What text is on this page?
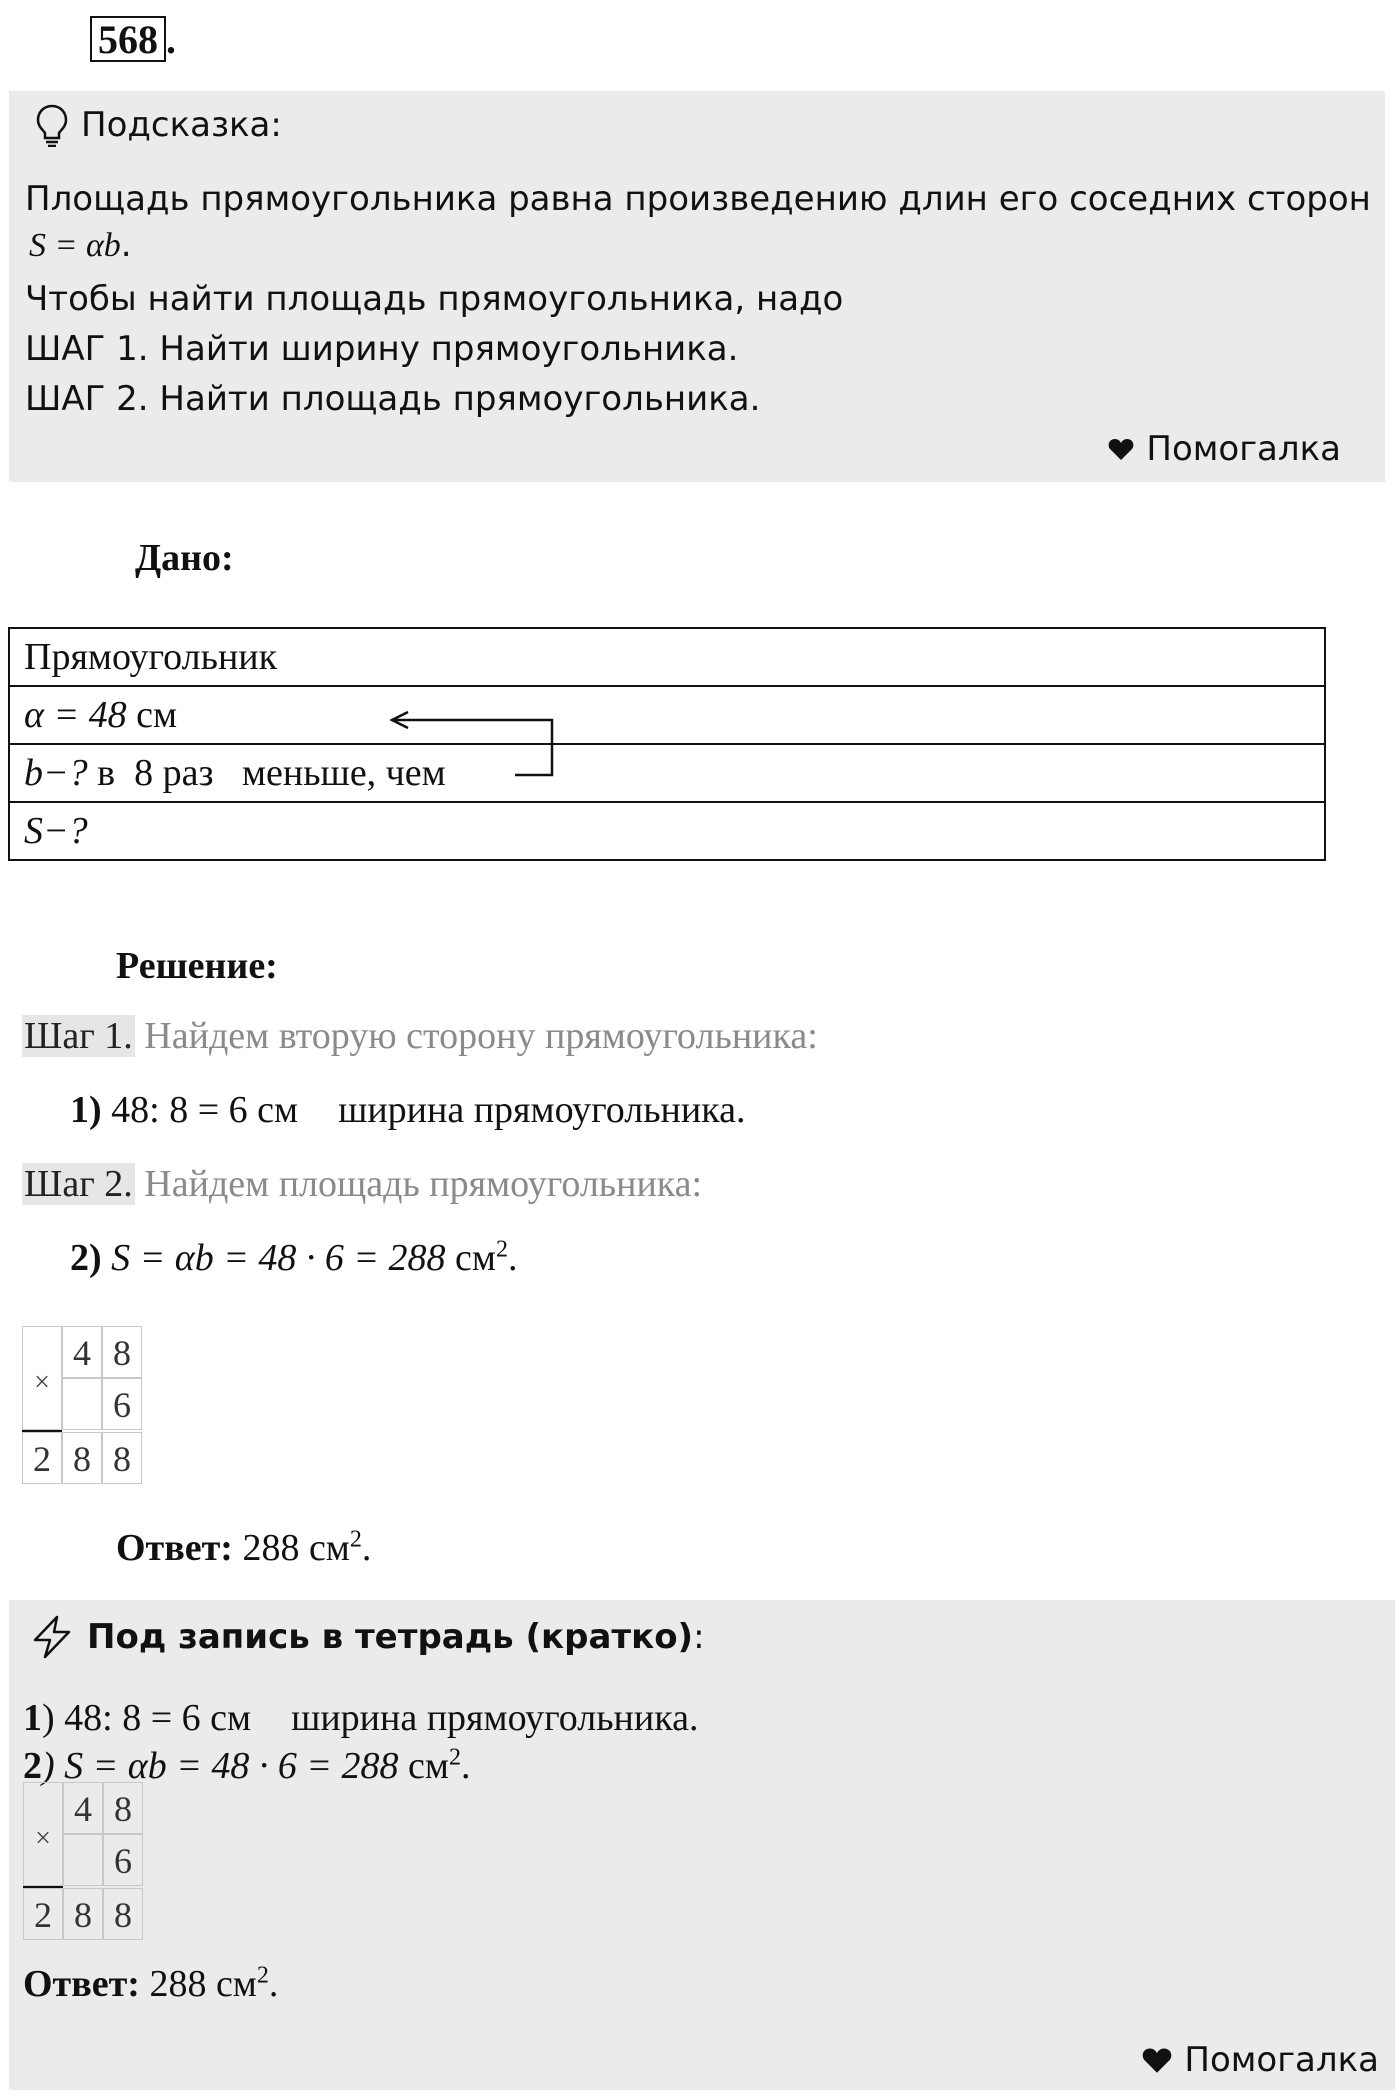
568 .
Подсказка:
Площадь прямоугольника равна произведению длин его соседних сторон
S = αb.
Чтобы найти площадь прямоугольника, надо
ШАГ 1. Найти ширину прямоугольника.
ШАГ 2. Найти площадь прямоугольника.
Помогалка
Дано:
Прямоугольник
α = 48 см
b−? в  8 раз   меньше, чем
S−?
Решение:
Шаг 1. Найдем вторую сторону прямоугольника:
1) 48: 8 = 6 см ширина прямоугольника.
Шаг 2. Найдем площадь прямоугольника:
2) S = αb = 48 · 6 = 288 $см^2$.
×
4 8
6
2 8 8
Ответ: 288 $см^2$.
Под запись в тетрадь (кратко):
1) 48: 8 = 6 см ширина прямоугольника.
2) S = αb = 48 · 6 = 288 $см^2$.
×
4 8
6
2 8 8
Ответ: 288 $см^2$.
Помогалка
